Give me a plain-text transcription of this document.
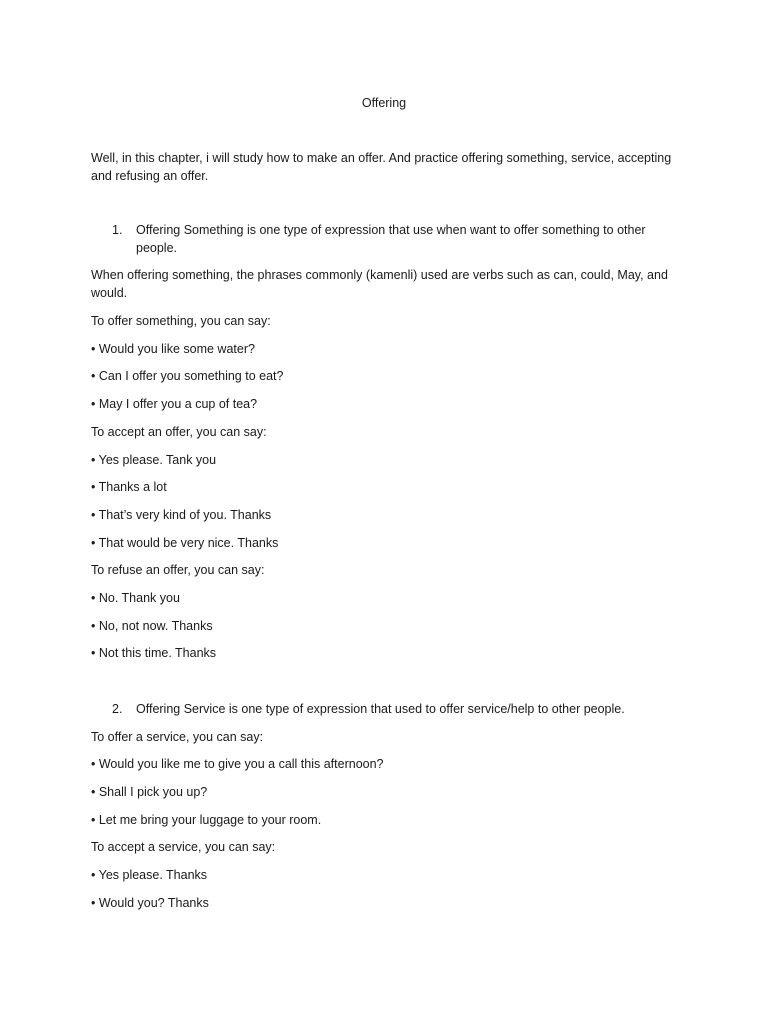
Offering

Well, in this chapter, i will study how to make an offer. And practice offering something, service, accepting and refusing an offer.

1. Offering Something is one type of expression that use when want to offer something to other people.

When offering something, the phrases commonly (kamenli) used are verbs such as can, could, May, and would.

To offer something, you can say:

• Would you like some water?

• Can I offer you something to eat?

• May I offer you a cup of tea?

To accept an offer, you can say:

• Yes please. Tank you

• Thanks a lot

• That’s very kind of you. Thanks

• That would be very nice. Thanks

To refuse an offer, you can say:

• No. Thank you

• No, not now. Thanks

• Not this time. Thanks

2. Offering Service is one type of expression that used to offer service/help to other people.

To offer a service, you can say:

• Would you like me to give you a call this afternoon?

• Shall I pick you up?

• Let me bring your luggage to your room.

To accept a service, you can say:

• Yes please. Thanks

• Would you? Thanks
